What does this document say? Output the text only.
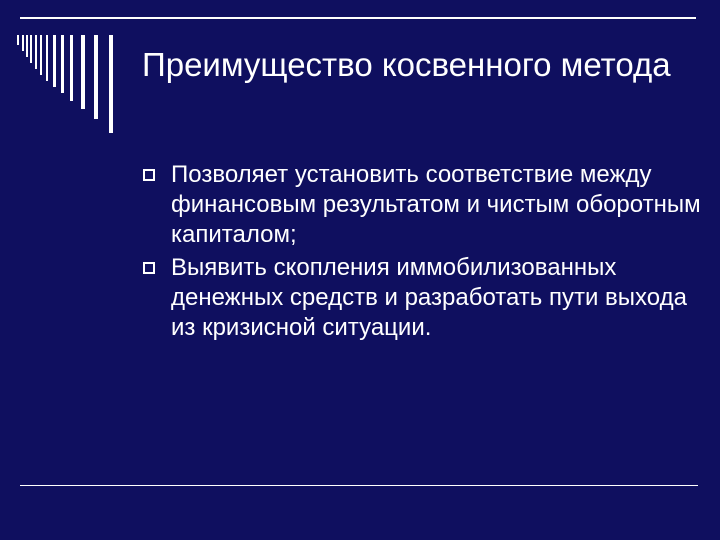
Преимущество косвенного метода
Позволяет установить соответствие между финансовым результатом и чистым оборотным капиталом;
Выявить скопления иммобилизованных денежных средств и разработать пути выхода из кризисной ситуации.
